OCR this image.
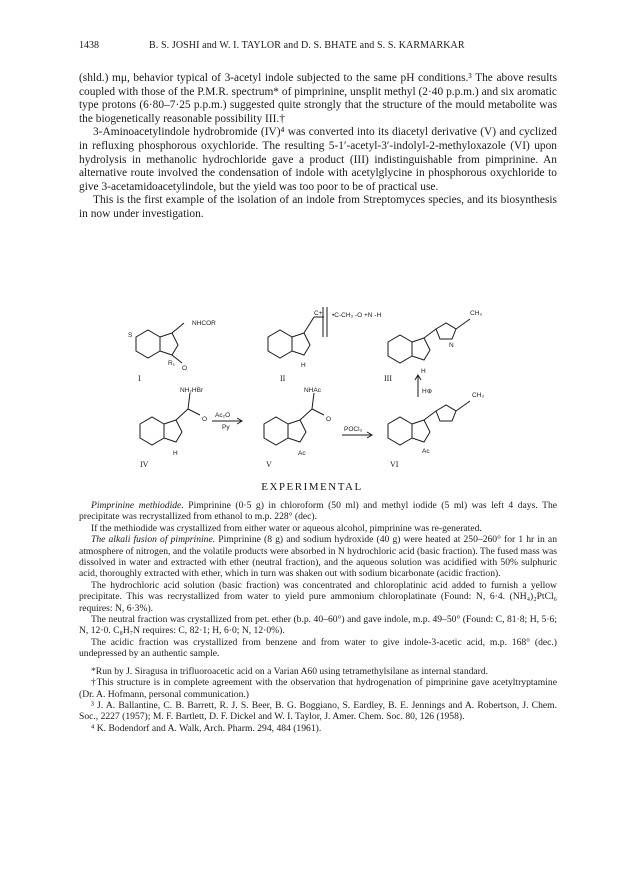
1438	B. S. JOSHI and W. I. TAYLOR and D. S. BHATE and S. S. KARMARKAR

(shld.) mμ, behavior typical of 3-acetyl indole subjected to the same pH conditions.³ The above results coupled with those of the P.M.R. spectrum* of pimprinine, unsplit methyl (2·40 p.p.m.) and six aromatic type protons (6·80–7·25 p.p.m.) suggested quite strongly that the structure of the mould metabolite was the biogenetically reasonable possibility III.†

3-Aminoacetylindole hydrobromide (IV)⁴ was converted into its diacetyl derivative (V) and cyclized in refluxing phosphorous oxychloride. The resulting 5-1′-acetyl-3′-indolyl-2-methyloxazole (VI) upon hydrolysis in methanolic hydrochloride gave a product (III) indistinguishable from pimprinine. An alternative route involved the condensation of indole with acetylglycine in phosphorous oxychloride to give 3-acetamidoacetylindole, but the yield was too poor to be of practical use.

This is the first example of the isolation of an indole from Streptomyces species, and its biosynthesis in now under investigation.

NHCOR
S
O
R₁
C+ •C-CH₃ -O +N -H
H
CH₃
N
H
NH₂HBr
O
H
Ac₂O
Py
NHAc
O
Ac
POCl₃
H⊕
CH₃
Ac
I	II	III
IV	V	VI
EXPERIMENTAL

Pimprinine methiodide. Pimprinine (0·5 g) in chloroform (50 ml) and methyl iodide (5 ml) was left 4 days. The precipitate was recrystallized from ethanol to m.p. 228° (dec).

If the methiodide was crystallized from either water or aqueous alcohol, pimprinine was re-generated.

The alkali fusion of pimprinine. Pimprinine (8 g) and sodium hydroxide (40 g) were heated at 250–260° for 1 hr in an atmosphere of nitrogen, and the volatile products were absorbed in N hydrochloric acid (basic fraction). The fused mass was dissolved in water and extracted with ether (neutral fraction), and the aqueous solution was acidified with 50% sulphuric acid, thoroughly extracted with ether, which in turn was shaken out with sodium bicarbonate (acidic fraction).

The hydrochloric acid solution (basic fraction) was concentrated and chloroplatinic acid added to furnish a yellow precipitate. This was recrystallized from water to yield pure ammonium chloroplatinate (Found: N, 6·4. (NH₄)₂PtCl₆ requires: N, 6·3%).

The neutral fraction was crystallized from pet. ether (b.p. 40–60°) and gave indole, m.p. 49–50° (Found: C, 81·8; H, 5·6; N, 12·0. C₈H₇N requires: C, 82·1; H, 6·0; N, 12·0%).

The acidic fraction was crystallized from benzene and from water to give indole-3-acetic acid, m.p. 168° (dec.) undepressed by an authentic sample.

*Run by J. Siragusa in trifluoroacetic acid on a Varian A60 using tetramethylsilane as internal standard.

†This structure is in complete agreement with the observation that hydrogenation of pimprinine gave acetyltryptamine (Dr. A. Hofmann, personal communication.)

³ J. A. Ballantine, C. B. Barrett, R. J. S. Beer, B. G. Boggiano, S. Eardley, B. E. Jennings and A. Robertson, J. Chem. Soc., 2227 (1957); M. F. Bartlett, D. F. Dickel and W. I. Taylor, J. Amer. Chem. Soc. 80, 126 (1958).

⁴ K. Bodendorf and A. Walk, Arch. Pharm. 294, 484 (1961).
